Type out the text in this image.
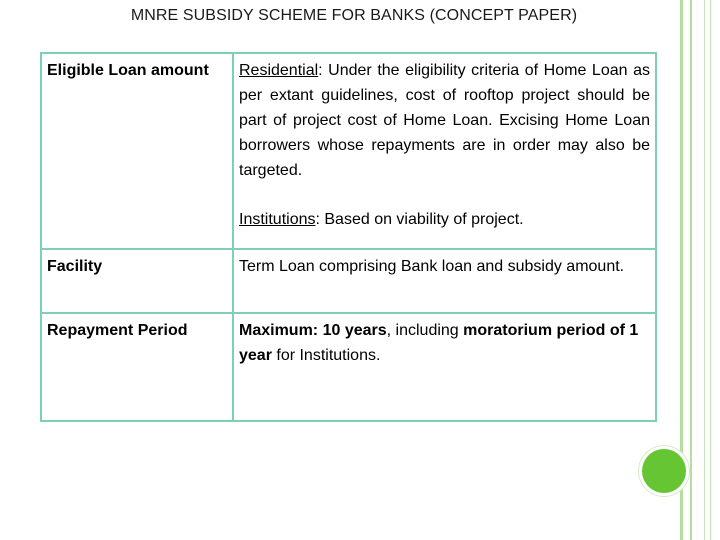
MNRE SUBSIDY SCHEME FOR BANKS (CONCEPT PAPER)
Eligible Loan amount	Residential: Under the eligibility criteria of Home Loan as per extant guidelines, cost of rooftop project should be part of project cost of Home Loan. Excising Home Loan borrowers whose repayments are in order may also be targeted.

Institutions: Based on viability of project.

Facility	Term Loan comprising Bank loan and subsidy amount.
Repayment Period	Maximum: 10 years, including moratorium period of 1 year for Institutions.
